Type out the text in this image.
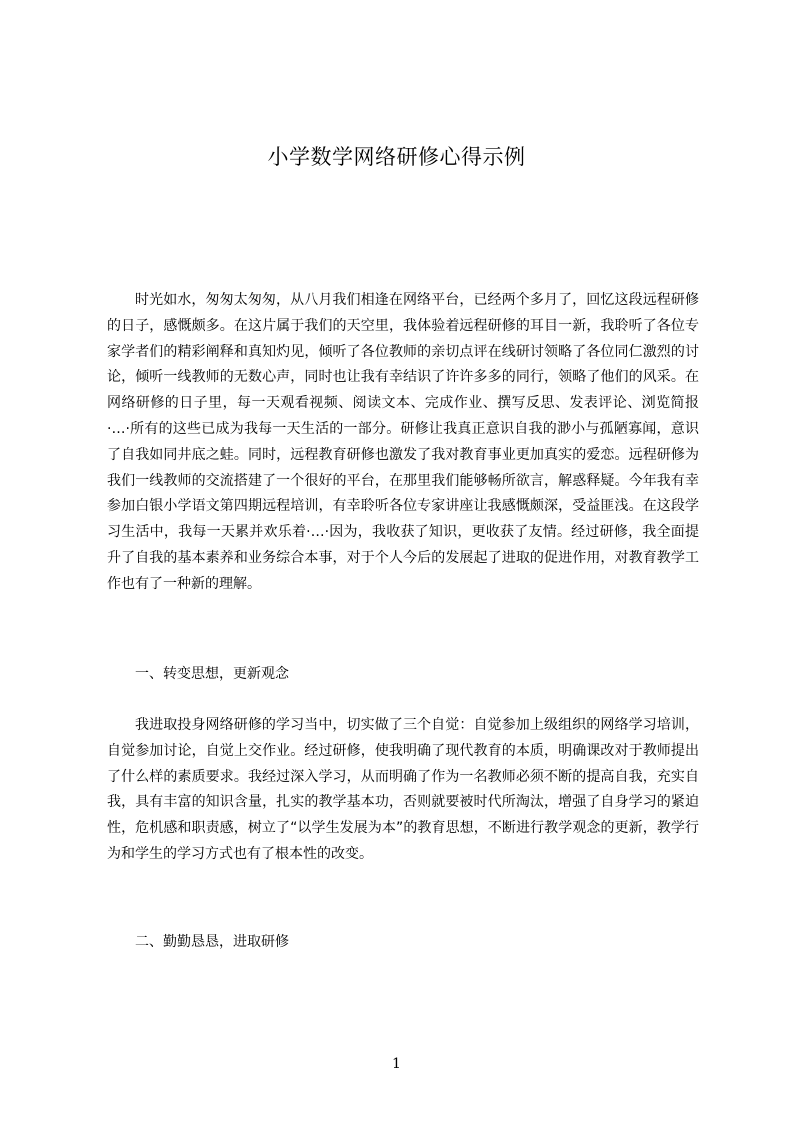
小学数学网络研修心得示例

时光如水，匆匆太匆匆，从八月我们相逢在网络平台，已经两个多月了，回忆这段远程研修的日子，感慨颇多。在这片属于我们的天空里，我体验着远程研修的耳目一新，我聆听了各位专家学者们的精彩阐释和真知灼见，倾听了各位教师的亲切点评在线研讨领略了各位同仁激烈的讨论，倾听一线教师的无数心声，同时也让我有幸结识了许许多多的同行，领略了他们的风采。在网络研修的日子里，每一天观看视频、阅读文本、完成作业、撰写反思、发表评论、浏览简报·…·所有的这些已成为我每一天生活的一部分。研修让我真正意识自我的渺小与孤陋寡闻，意识了自我如同井底之蛙。同时，远程教育研修也激发了我对教育事业更加真实的爱恋。远程研修为我们一线教师的交流搭建了一个很好的平台，在那里我们能够畅所欲言，解惑释疑。今年我有幸参加白银小学语文第四期远程培训，有幸聆听各位专家讲座让我感慨颇深，受益匪浅。在这段学习生活中，我每一天累并欢乐着·…·因为，我收获了知识，更收获了友情。经过研修，我全面提升了自我的基本素养和业务综合本事，对于个人今后的发展起了进取的促进作用，对教育教学工作也有了一种新的理解。

一、转变思想，更新观念

我进取投身网络研修的学习当中，切实做了三个自觉：自觉参加上级组织的网络学习培训，自觉参加讨论，自觉上交作业。经过研修，使我明确了现代教育的本质，明确课改对于教师提出了什么样的素质要求。我经过深入学习，从而明确了作为一名教师必须不断的提高自我，充实自我，具有丰富的知识含量，扎实的教学基本功，否则就要被时代所淘汰，增强了自身学习的紧迫性，危机感和职责感，树立了“以学生发展为本”的教育思想，不断进行教学观念的更新，教学行为和学生的学习方式也有了根本性的改变。

二、勤勤恳恳，进取研修
1
